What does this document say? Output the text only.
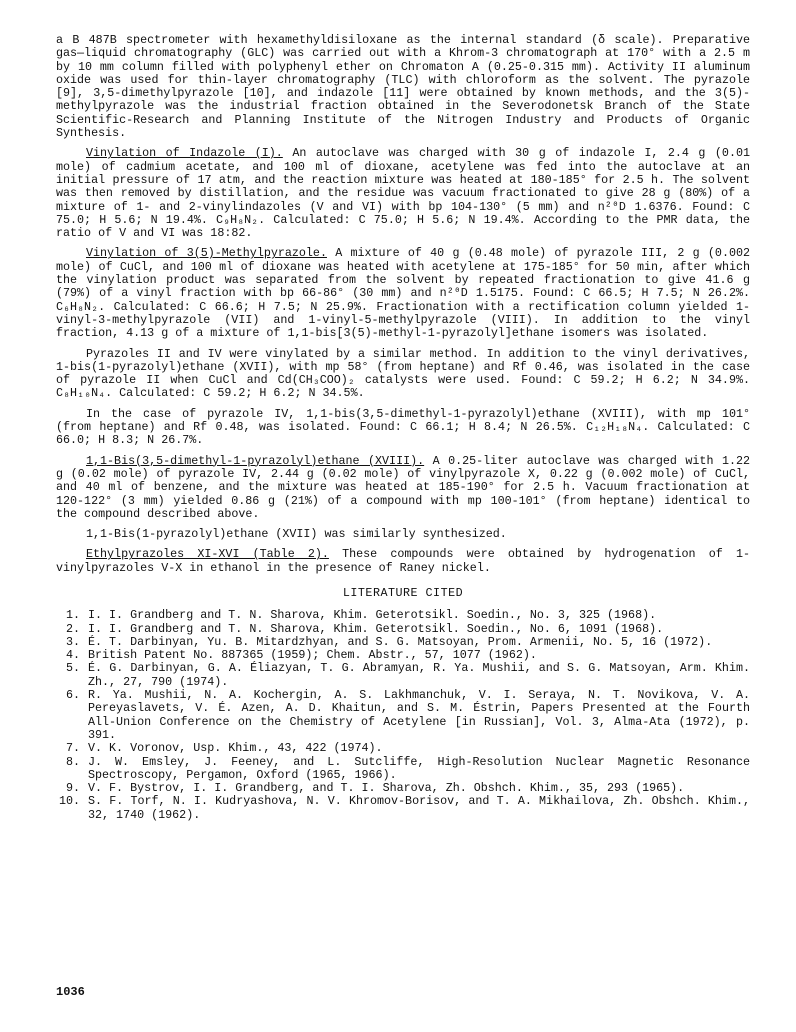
a B 487B spectrometer with hexamethyldisiloxane as the internal standard (δ scale). Preparative gas—liquid chromatography (GLC) was carried out with a Khrom-3 chromatograph at 170° with a 2.5 m by 10 mm column filled with polyphenyl ether on Chromaton A (0.25-0.315 mm). Activity II aluminum oxide was used for thin-layer chromatography (TLC) with chloroform as the solvent. The pyrazole [9], 3,5-dimethylpyrazole [10], and indazole [11] were obtained by known methods, and the 3(5)-methylpyrazole was the industrial fraction obtained in the Severodonetsk Branch of the State Scientific-Research and Planning Institute of the Nitrogen Industry and Products of Organic Synthesis.

Vinylation of Indazole (I). An autoclave was charged with 30 g of indazole I, 2.4 g (0.01 mole) of cadmium acetate, and 100 ml of dioxane, acetylene was fed into the autoclave at an initial pressure of 17 atm, and the reaction mixture was heated at 180-185° for 2.5 h. The solvent was then removed by distillation, and the residue was vacuum fractionated to give 28 g (80%) of a mixture of 1- and 2-vinylindazoles (V and VI) with bp 104-130° (5 mm) and n²⁰D 1.6376. Found: C 75.0; H 5.6; N 19.4%. C₉H₈N₂. Calculated: C 75.0; H 5.6; N 19.4%. According to the PMR data, the ratio of V and VI was 18:82.

Vinylation of 3(5)-Methylpyrazole. A mixture of 40 g (0.48 mole) of pyrazole III, 2 g (0.002 mole) of CuCl, and 100 ml of dioxane was heated with acetylene at 175-185° for 50 min, after which the vinylation product was separated from the solvent by repeated fractionation to give 41.6 g (79%) of a vinyl fraction with bp 66-86° (30 mm) and n²⁰D 1.5175. Found: C 66.5; H 7.5; N 26.2%. C₆H₈N₂. Calculated: C 66.6; H 7.5; N 25.9%. Fractionation with a rectification column yielded 1-vinyl-3-methylpyrazole (VII) and 1-vinyl-5-methylpyrazole (VIII). In addition to the vinyl fraction, 4.13 g of a mixture of 1,1-bis[3(5)-methyl-1-pyrazolyl]ethane isomers was isolated.

Pyrazoles II and IV were vinylated by a similar method. In addition to the vinyl derivatives, 1-bis(1-pyrazolyl)ethane (XVII), with mp 58° (from heptane) and Rf 0.46, was isolated in the case of pyrazole II when CuCl and Cd(CH₃COO)₂ catalysts were used. Found: C 59.2; H 6.2; N 34.9%. C₈H₁₀N₄. Calculated: C 59.2; H 6.2; N 34.5%.

In the case of pyrazole IV, 1,1-bis(3,5-dimethyl-1-pyrazolyl)ethane (XVIII), with mp 101° (from heptane) and Rf 0.48, was isolated. Found: C 66.1; H 8.4; N 26.5%. C₁₂H₁₈N₄. Calculated: C 66.0; H 8.3; N 26.7%.

1,1-Bis(3,5-dimethyl-1-pyrazolyl)ethane (XVIII). A 0.25-liter autoclave was charged with 1.22 g (0.02 mole) of pyrazole IV, 2.44 g (0.02 mole) of vinylpyrazole X, 0.22 g (0.002 mole) of CuCl, and 40 ml of benzene, and the mixture was heated at 185-190° for 2.5 h. Vacuum fractionation at 120-122° (3 mm) yielded 0.86 g (21%) of a compound with mp 100-101° (from heptane) identical to the compound described above.

1,1-Bis(1-pyrazolyl)ethane (XVII) was similarly synthesized.

Ethylpyrazoles XI-XVI (Table 2). These compounds were obtained by hydrogenation of 1-vinylpyrazoles V-X in ethanol in the presence of Raney nickel.

LITERATURE CITED
1. I. I. Grandberg and T. N. Sharova, Khim. Geterotsikl. Soedin., No. 3, 325 (1968).
2. I. I. Grandberg and T. N. Sharova, Khim. Geterotsikl. Soedin., No. 6, 1091 (1968).
3. É. T. Darbinyan, Yu. B. Mitardzhyan, and S. G. Matsoyan, Prom. Armenii, No. 5, 16 (1972).
4. British Patent No. 887365 (1959); Chem. Abstr., 57, 1077 (1962).
5. É. G. Darbinyan, G. A. Éliazyan, T. G. Abramyan, R. Ya. Mushii, and S. G. Matsoyan, Arm. Khim. Zh., 27, 790 (1974).
6. R. Ya. Mushii, N. A. Kochergin, A. S. Lakhmanchuk, V. I. Seraya, N. T. Novikova, V. A. Pereyaslavets, V. É. Azen, A. D. Khaitun, and S. M. Éstrin, Papers Presented at the Fourth All-Union Conference on the Chemistry of Acetylene [in Russian], Vol. 3, Alma-Ata (1972), p. 391.
7. V. K. Voronov, Usp. Khim., 43, 422 (1974).
8. J. W. Emsley, J. Feeney, and L. Sutcliffe, High-Resolution Nuclear Magnetic Resonance Spectroscopy, Pergamon, Oxford (1965, 1966).
9. V. F. Bystrov, I. I. Grandberg, and T. I. Sharova, Zh. Obshch. Khim., 35, 293 (1965).
10. S. F. Torf, N. I. Kudryashova, N. V. Khromov-Borisov, and T. A. Mikhailova, Zh. Obshch. Khim., 32, 1740 (1962).
1036
